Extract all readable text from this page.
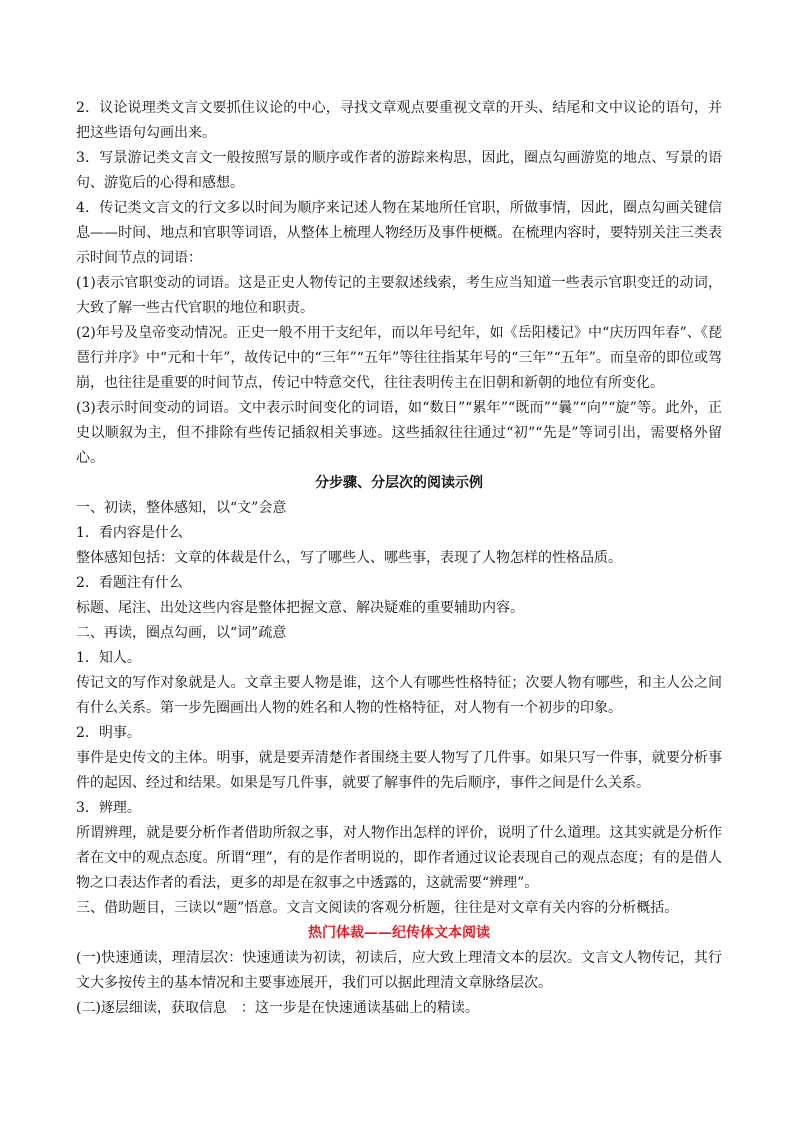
2．议论说理类文言文要抓住议论的中心，寻找文章观点要重视文章的开头、结尾和文中议论的语句，并把这些语句勾画出来。

3．写景游记类文言文一般按照写景的顺序或作者的游踪来构思，因此，圈点勾画游览的地点、写景的语句、游览后的心得和感想。

4．传记类文言文的行文多以时间为顺序来记述人物在某地所任官职，所做事情，因此，圈点勾画关键信息——时间、地点和官职等词语，从整体上梳理人物经历及事件梗概。在梳理内容时，要特别关注三类表示时间节点的词语：

(1)表示官职变动的词语。这是正史人物传记的主要叙述线索，考生应当知道一些表示官职变迁的动词，大致了解一些古代官职的地位和职责。

(2)年号及皇帝变动情况。正史一般不用干支纪年，而以年号纪年，如《岳阳楼记》中“庆历四年春”、《琵琶行并序》中“元和十年”，故传记中的“三年”“五年”等往往指某年号的“三年”“五年”。而皇帝的即位或驾崩，也往往是重要的时间节点，传记中特意交代，往往表明传主在旧朝和新朝的地位有所变化。

(3)表示时间变动的词语。文中表示时间变化的词语，如“数日”“累年”“既而”“曩”“向”“旋”等。此外，正史以顺叙为主，但不排除有些传记插叙相关事迹。这些插叙往往通过“初”“先是”等词引出，需要格外留心。

分步骤、分层次的阅读示例

一、初读，整体感知，以“文”会意

1．看内容是什么

整体感知包括：文章的体裁是什么，写了哪些人、哪些事，表现了人物怎样的性格品质。

2．看题注有什么

标题、尾注、出处这些内容是整体把握文意、解决疑难的重要辅助内容。

二、再读，圈点勾画，以“词”疏意

1．知人。

传记文的写作对象就是人。文章主要人物是谁，这个人有哪些性格特征；次要人物有哪些，和主人公之间有什么关系。第一步先圈画出人物的姓名和人物的性格特征，对人物有一个初步的印象。

2．明事。

事件是史传文的主体。明事，就是要弄清楚作者围绕主要人物写了几件事。如果只写一件事，就要分析事件的起因、经过和结果。如果是写几件事，就要了解事件的先后顺序，事件之间是什么关系。

3．辨理。

所谓辨理，就是要分析作者借助所叙之事，对人物作出怎样的评价，说明了什么道理。这其实就是分析作者在文中的观点态度。所谓“理”，有的是作者明说的，即作者通过议论表现自己的观点态度；有的是借人物之口表达作者的看法，更多的却是在叙事之中透露的，这就需要“辨理”。

三、借助题目，三读以“题”悟意。文言文阅读的客观分析题，往往是对文章有关内容的分析概括。

热门体裁——纪传体文本阅读

(一)快速通读，理清层次：快速通读为初读，初读后，应大致上理清文本的层次。文言文人物传记，其行文大多按传主的基本情况和主要事迹展开，我们可以据此理清文章脉络层次。

(二)逐层细读，获取信息　：这一步是在快速通读基础上的精读。
